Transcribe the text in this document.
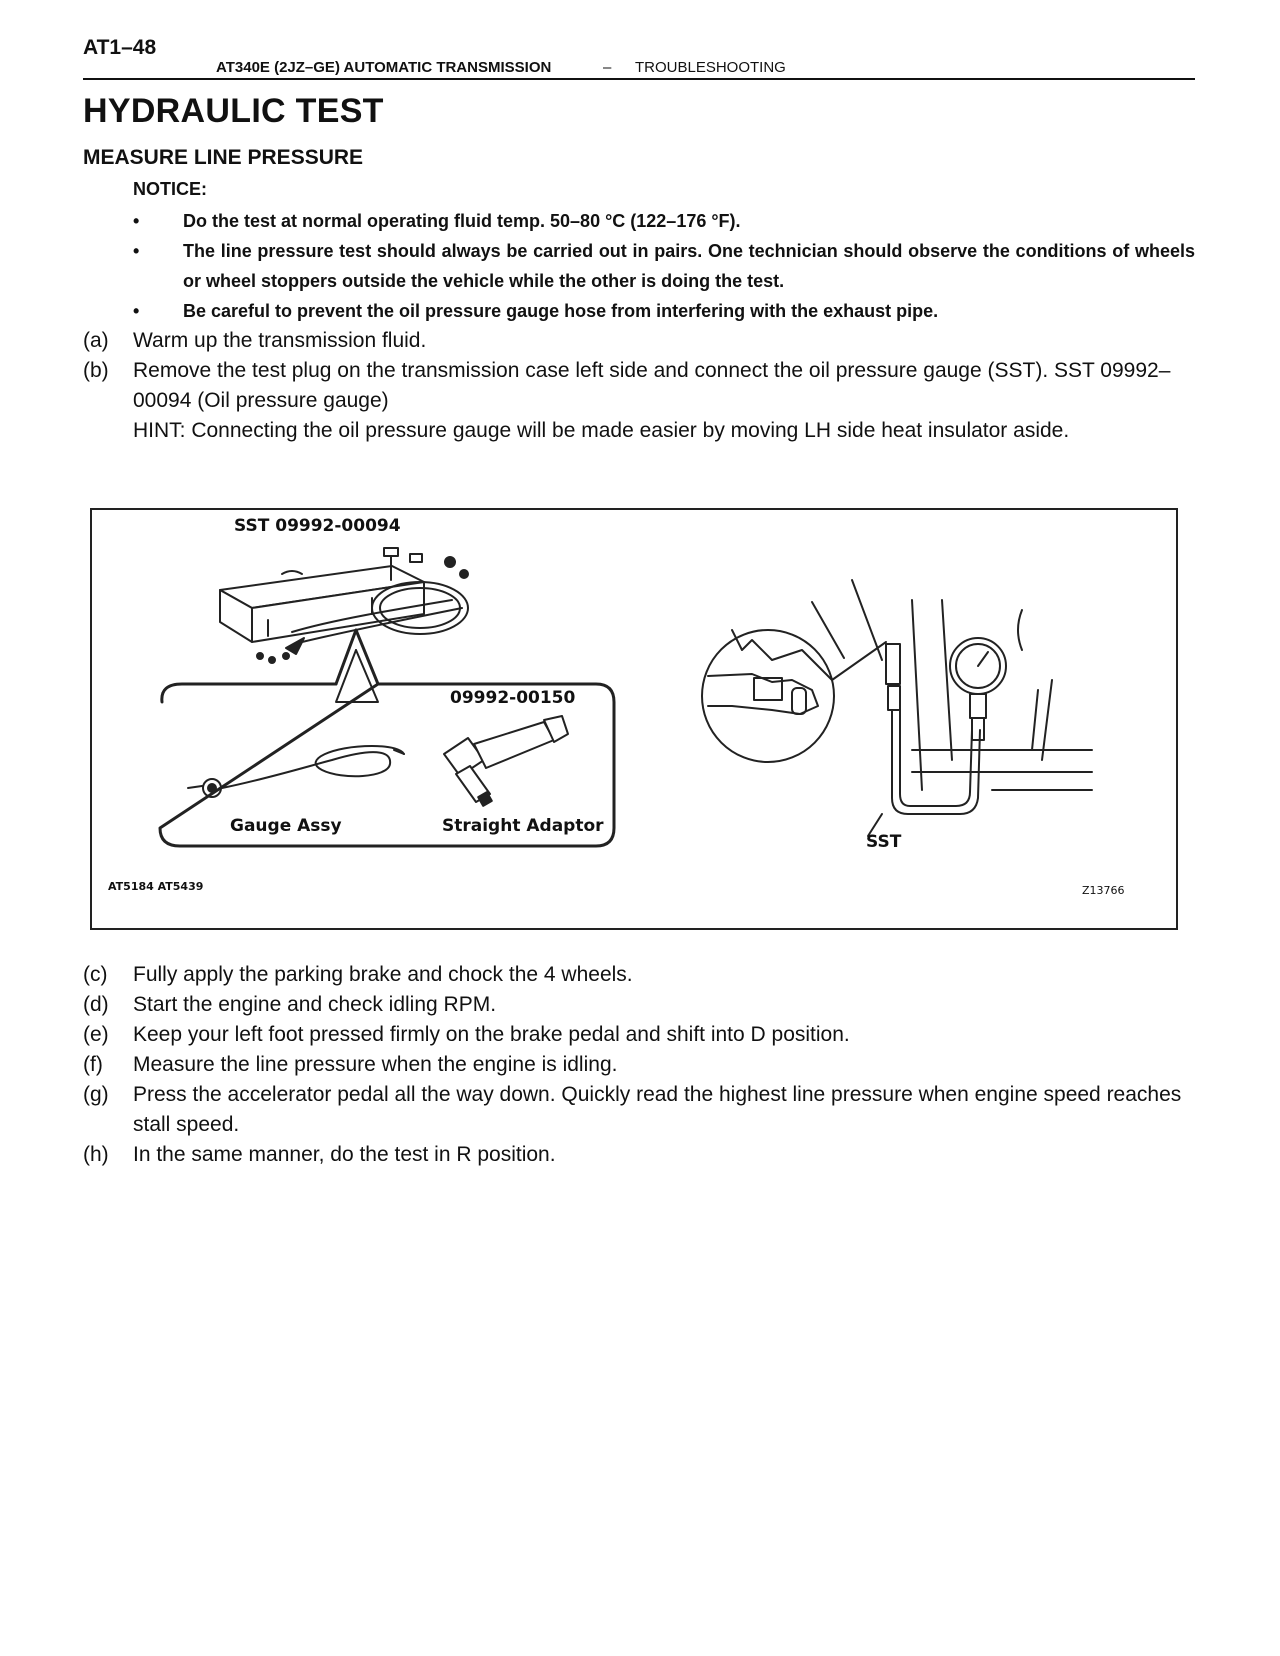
AT1–48
AT340E (2JZ–GE) AUTOMATIC TRANSMISSION	– TROUBLESHOOTING
HYDRAULIC TEST
MEASURE LINE PRESSURE
NOTICE:
• Do the test at normal operating fluid temp. 50–80 °C (122–176 °F).
• The line pressure test should always be carried out in pairs. One technician should observe the conditions of wheels or wheel stoppers outside the vehicle while the other is doing the test.
• Be careful to prevent the oil pressure gauge hose from interfering with the exhaust pipe.
(a) Warm up the transmission fluid.
(b) Remove the test plug on the transmission case left side and connect the oil pressure gauge (SST). SST 09992–00094 (Oil pressure gauge)
HINT: Connecting the oil pressure gauge will be made easier by moving LH side heat insulator aside.
SST 09992-00094
09992-00150
Gauge Assy	Straight Adaptor
SST
AT5184 AT5439	Z13766
(c) Fully apply the parking brake and chock the 4 wheels.
(d) Start the engine and check idling RPM.
(e) Keep your left foot pressed firmly on the brake pedal and shift into D position.
(f) Measure the line pressure when the engine is idling.
(g) Press the accelerator pedal all the way down. Quickly read the highest line pressure when engine speed reaches stall speed.
(h) In the same manner, do the test in R position.
